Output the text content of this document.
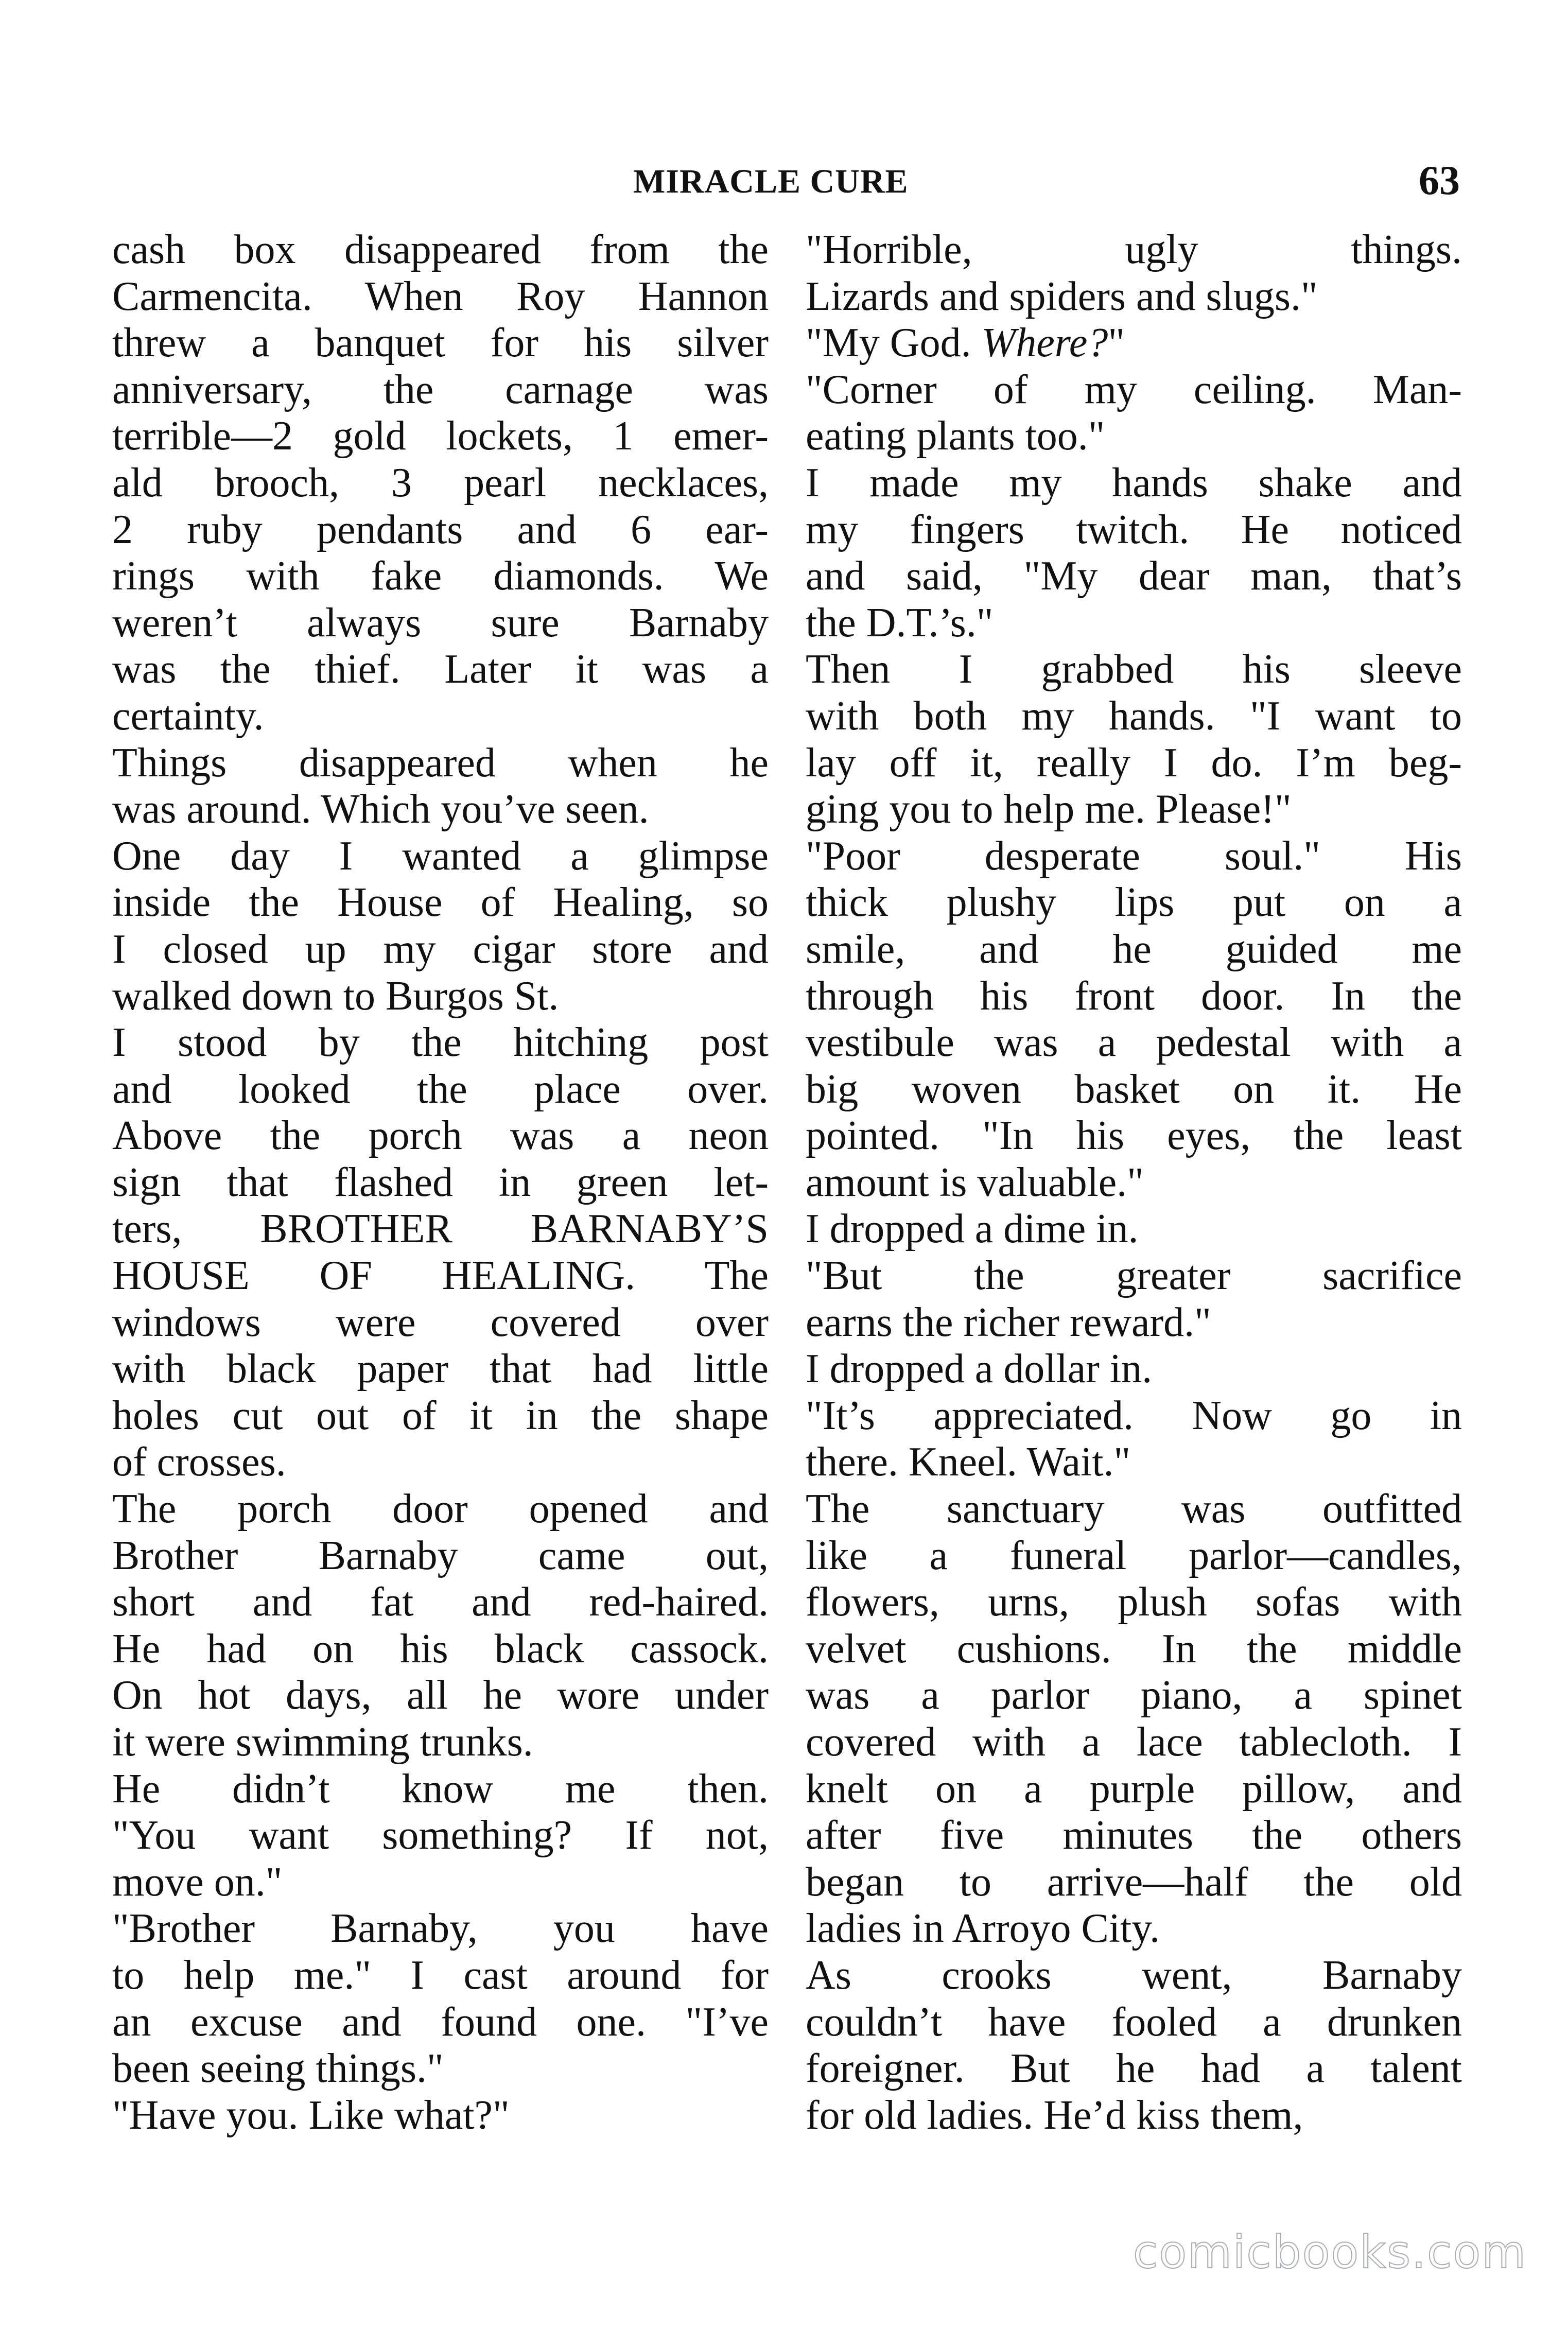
MIRACLE CURE	63

cash box disappeared from the
Carmencita. When Roy Hannon
threw a banquet for his silver
anniversary, the carnage was
terrible—2 gold lockets, 1 emer-
ald brooch, 3 pearl necklaces,
2 ruby pendants and 6 ear-
rings with fake diamonds. We
weren’t always sure Barnaby
was the thief. Later it was a
certainty.

Things disappeared when he
was around. Which you’ve seen.

One day I wanted a glimpse
inside the House of Healing, so
I closed up my cigar store and
walked down to Burgos St.

I stood by the hitching post
and looked the place over.
Above the porch was a neon
sign that flashed in green let-
ters, BROTHER BARNABY’S
HOUSE OF HEALING. The
windows were covered over
with black paper that had little
holes cut out of it in the shape
of crosses.

The porch door opened and
Brother Barnaby came out,
short and fat and red-haired.
He had on his black cassock.
On hot days, all he wore under
it were swimming trunks.

He didn’t know me then.
"You want something? If not,
move on."

"Brother Barnaby, you have
to help me." I cast around for
an excuse and found one. "I’ve
been seeing things."

"Have you. Like what?"

"Horrible, ugly things.
Lizards and spiders and slugs."

"My God. Where?"

"Corner of my ceiling. Man-
eating plants too."

I made my hands shake and
my fingers twitch. He noticed
and said, "My dear man, that’s
the D.T.’s."

Then I grabbed his sleeve
with both my hands. "I want to
lay off it, really I do. I’m beg-
ging you to help me. Please!"

"Poor desperate soul." His
thick plushy lips put on a
smile, and he guided me
through his front door. In the
vestibule was a pedestal with a
big woven basket on it. He
pointed. "In his eyes, the least
amount is valuable."

I dropped a dime in.

"But the greater sacrifice
earns the richer reward."

I dropped a dollar in.

"It’s appreciated. Now go in
there. Kneel. Wait."

The sanctuary was outfitted
like a funeral parlor—candles,
flowers, urns, plush sofas with
velvet cushions. In the middle
was a parlor piano, a spinet
covered with a lace tablecloth. I
knelt on a purple pillow, and
after five minutes the others
began to arrive—half the old
ladies in Arroyo City.

As crooks went, Barnaby
couldn’t have fooled a drunken
foreigner. But he had a talent
for old ladies. He’d kiss them,

comicbooks.com
